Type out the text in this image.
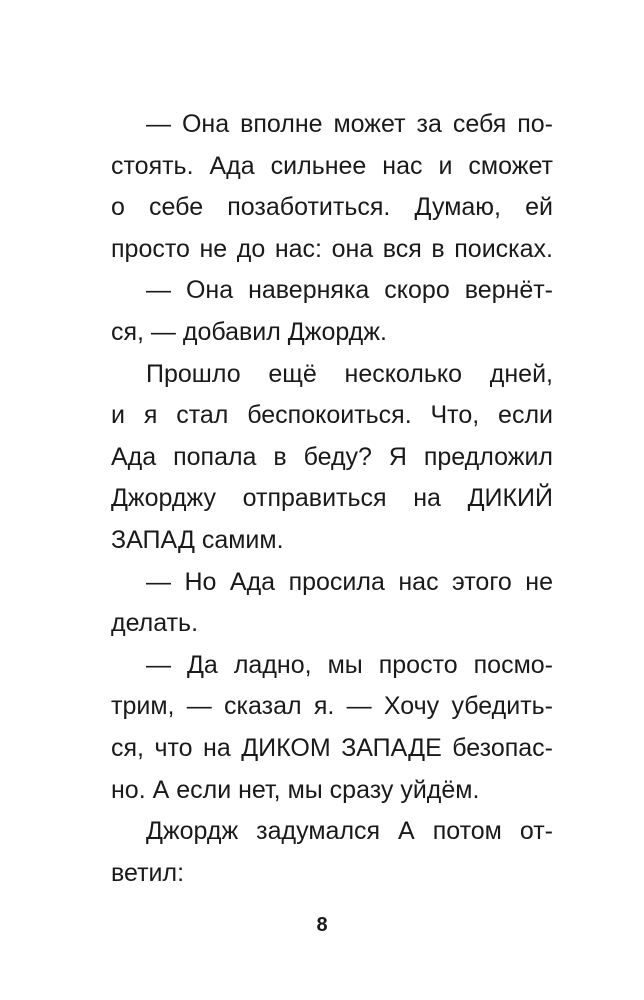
— Она вполне может за себя по-
стоять. Ада сильнее нас и сможет
о себе позаботиться. Думаю, ей
просто не до нас: она вся в поисках.
— Она наверняка скоро вернёт-
ся, — добавил Джордж.
Прошло ещё несколько дней,
и я стал беспокоиться. Что, если
Ада попала в беду? Я предложил
Джорджу отправиться на ДИКИЙ
ЗАПАД самим.
— Но Ада просила нас этого не
делать.
— Да ладно, мы просто посмо-
трим, — сказал я. — Хочу убедить-
ся, что на ДИКОМ ЗАПАДЕ безопас-
но. А если нет, мы сразу уйдём.
Джордж задумался А потом от-
ветил:
8
